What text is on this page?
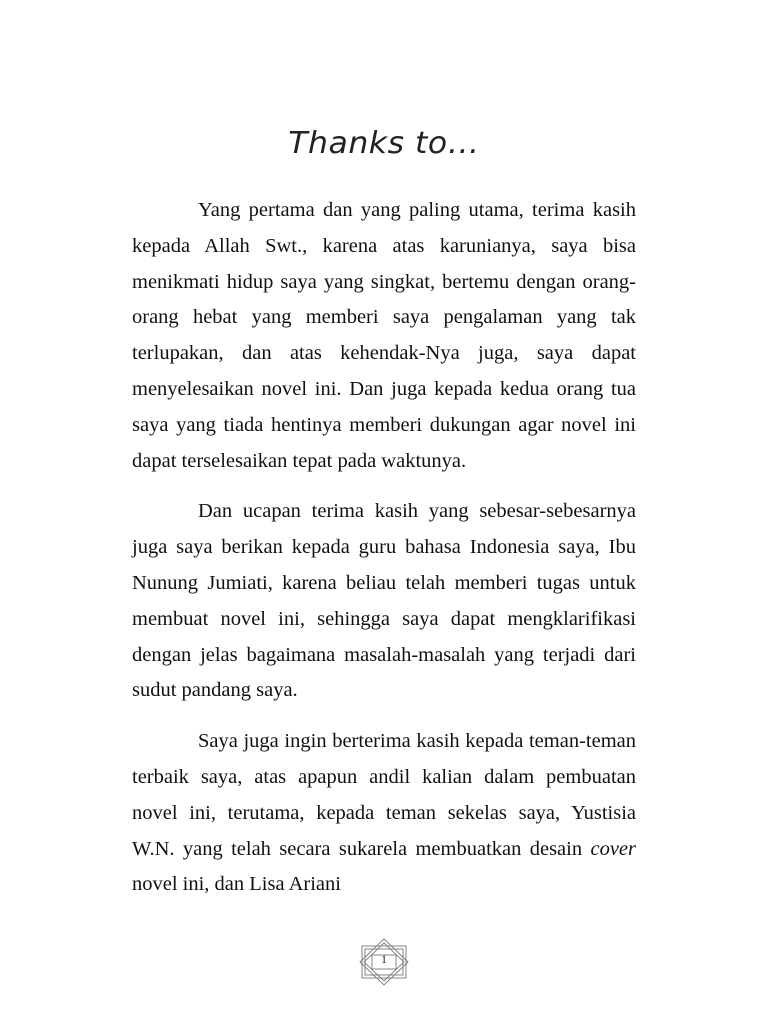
Thanks to…

Yang pertama dan yang paling utama, terima kasih kepada Allah Swt., karena atas karunianya, saya bisa menikmati hidup saya yang singkat, bertemu dengan orang-orang hebat yang memberi saya pengalaman yang tak terlupakan, dan atas kehendak-Nya juga, saya dapat menyelesaikan novel ini. Dan juga kepada kedua orang tua saya yang tiada hentinya memberi dukungan agar novel ini dapat terselesaikan tepat pada waktunya.

Dan ucapan terima kasih yang sebesar-sebesarnya juga saya berikan kepada guru bahasa Indonesia saya, Ibu Nunung Jumiati, karena beliau telah memberi tugas untuk membuat novel ini, sehingga saya dapat mengklarifikasi dengan jelas bagaimana masalah-masalah yang terjadi dari sudut pandang saya.

Saya juga ingin berterima kasih kepada teman-teman terbaik saya, atas apapun andil kalian dalam pembuatan novel ini, terutama, kepada teman sekelas saya, Yustisia W.N. yang telah secara sukarela membuatkan desain cover novel ini, dan Lisa Ariani

1
